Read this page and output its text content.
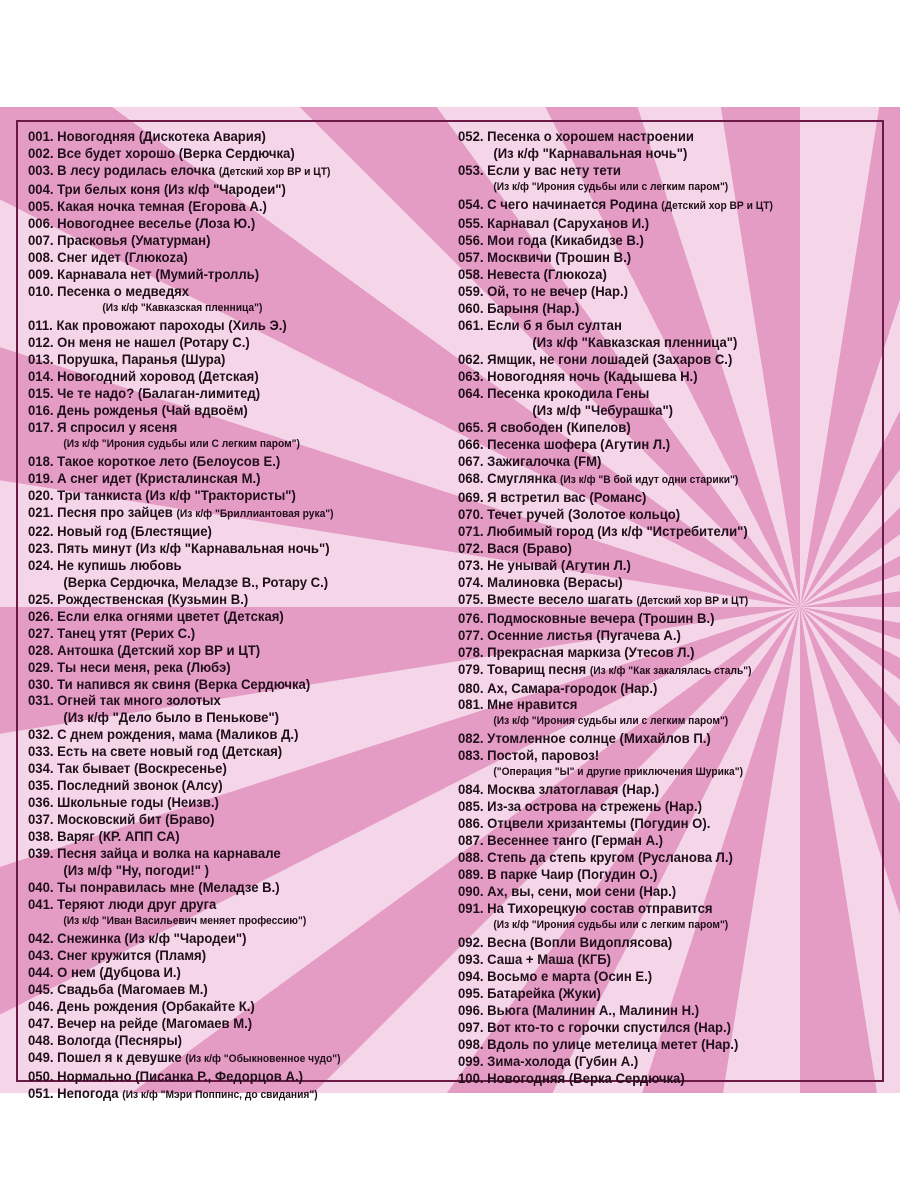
001. Новогодняя (Дискотека Авария)
002. Все будет хорошо (Верка Сердючка)
003. В лесу родилась елочка (Детский хор ВР и ЦТ)
004. Три белых коня (Из к/ф "Чародеи")
005. Какая ночка темная (Егорова А.)
006. Новогоднее веселье (Лоза Ю.)
007. Прасковья (Уматурман)
008. Снег идет (Глюкоza)
009. Карнавала нет (Мумий-тролль)
010. Песенка о медведях
(Из к/ф "Кавказская пленница")
011. Как провожают пароходы (Хиль Э.)
012. Он меня не нашел (Ротару С.)
013. Порушка, Паранья (Шура)
014. Новогодний хоровод (Детская)
015. Че те надо? (Балаган-лимитед)
016. День рожденья (Чай вдвоём)
017. Я спросил у ясеня
(Из к/ф "Ирония судьбы или С легким паром")
018. Такое короткое лето (Белоусов Е.)
019. А снег идет (Кристалинская М.)
020. Три танкиста (Из к/ф "Трактористы")
021. Песня про зайцев (Из к/ф "Бриллиантовая рука")
022. Новый год (Блестящие)
023. Пять минут (Из к/ф "Карнавальная ночь")
024. Не купишь любовь
(Верка Сердючка, Меладзе В., Ротару С.)
025. Рождественская (Кузьмин В.)
026. Если елка огнями цветет (Детская)
027. Танец утят (Рерих С.)
028. Антошка (Детский хор ВР и ЦТ)
029. Ты неси меня, река (Любэ)
030. Ти напився як свиня (Верка Сердючка)
031. Огней так много золотых
(Из к/ф "Дело было в Пенькове")
032. С днем рождения, мама (Маликов Д.)
033. Есть на свете новый год (Детская)
034. Так бывает (Воскресенье)
035. Последний звонок (Алсу)
036. Школьные годы (Неизв.)
037. Московский бит (Браво)
038. Варяг (КР. АПП СА)
039. Песня зайца и волка на карнавале
(Из м/ф "Ну, погоди!" )
040. Ты понравилась мне (Меладзе В.)
041. Теряют люди друг друга
(Из к/ф "Иван Васильевич меняет профессию")
042. Снежинка (Из к/ф "Чародеи")
043. Снег кружится (Пламя)
044. О нем (Дубцова И.)
045. Свадьба (Магомаев М.)
046. День рождения (Орбакайте К.)
047. Вечер на рейде (Магомаев М.)
048. Вологда (Песняры)
049. Пошел я к девушке (Из к/ф "Обыкновенное чудо")
050. Нормально (Писанка Р., Федорцов А.)
051. Непогода (Из к/ф "Мэри Поппинс, до свидания")
052. Песенка о хорошем настроении
(Из к/ф "Карнавальная ночь")
053. Если у вас нету тети
(Из к/ф "Ирония судьбы или с легким паром")
054. С чего начинается Родина (Детский хор ВР и ЦТ)
055. Карнавал (Саруханов И.)
056. Мои года (Кикабидзе В.)
057. Москвичи (Трошин В.)
058. Невеста (Глюкоza)
059. Ой, то не вечер (Нар.)
060. Барыня (Нар.)
061. Если б я был султан
(Из к/ф "Кавказская пленница")
062. Ямщик, не гони лошадей (Захаров С.)
063. Новогодняя ночь (Кадышева Н.)
064. Песенка крокодила Гены
(Из м/ф "Чебурашка")
065. Я свободен (Кипелов)
066. Песенка шофера (Агутин Л.)
067. Зажигалочка (FM)
068. Смуглянка (Из к/ф "В бой идут одни старики")
069. Я встретил вас (Романс)
070. Течет ручей (Золотое кольцо)
071. Любимый город (Из к/ф "Истребители")
072. Вася (Браво)
073. Не унывай (Агутин Л.)
074. Малиновка (Верасы)
075. Вместе весело шагать (Детский хор ВР и ЦТ)
076. Подмосковные вечера (Трошин В.)
077. Осенние листья (Пугачева А.)
078. Прекрасная маркиза (Утесов Л.)
079. Товарищ песня (Из к/ф "Как закалялась сталь")
080. Ах, Самара-городок (Нар.)
081. Мне нравится
(Из к/ф "Ирония судьбы или с легким паром")
082. Утомленное солнце (Михайлов П.)
083. Постой, паровоз!
("Операция "Ы" и другие приключения Шурика")
084. Москва златоглавая (Нар.)
085. Из-за острова на стрежень (Нар.)
086. Отцвели хризантемы (Погудин О).
087. Весеннее танго (Герман А.)
088. Степь да степь кругом (Русланова Л.)
089. В парке Чаир (Погудин О.)
090. Ах, вы, сени, мои сени (Нар.)
091. На Тихорецкую состав отправится
(Из к/ф "Ирония судьбы или с легким паром")
092. Весна (Вопли Видоплясова)
093. Саша + Маша (КГБ)
094. Восьмо е марта (Осин Е.)
095. Батарейка (Жуки)
096. Вьюга (Малинин А., Малинин Н.)
097. Вот кто-то с горочки спустился (Нар.)
098. Вдоль по улице метелица метет (Нар.)
099. Зима-холода (Губин А.)
100. Новогодняя (Верка Сердючка)
